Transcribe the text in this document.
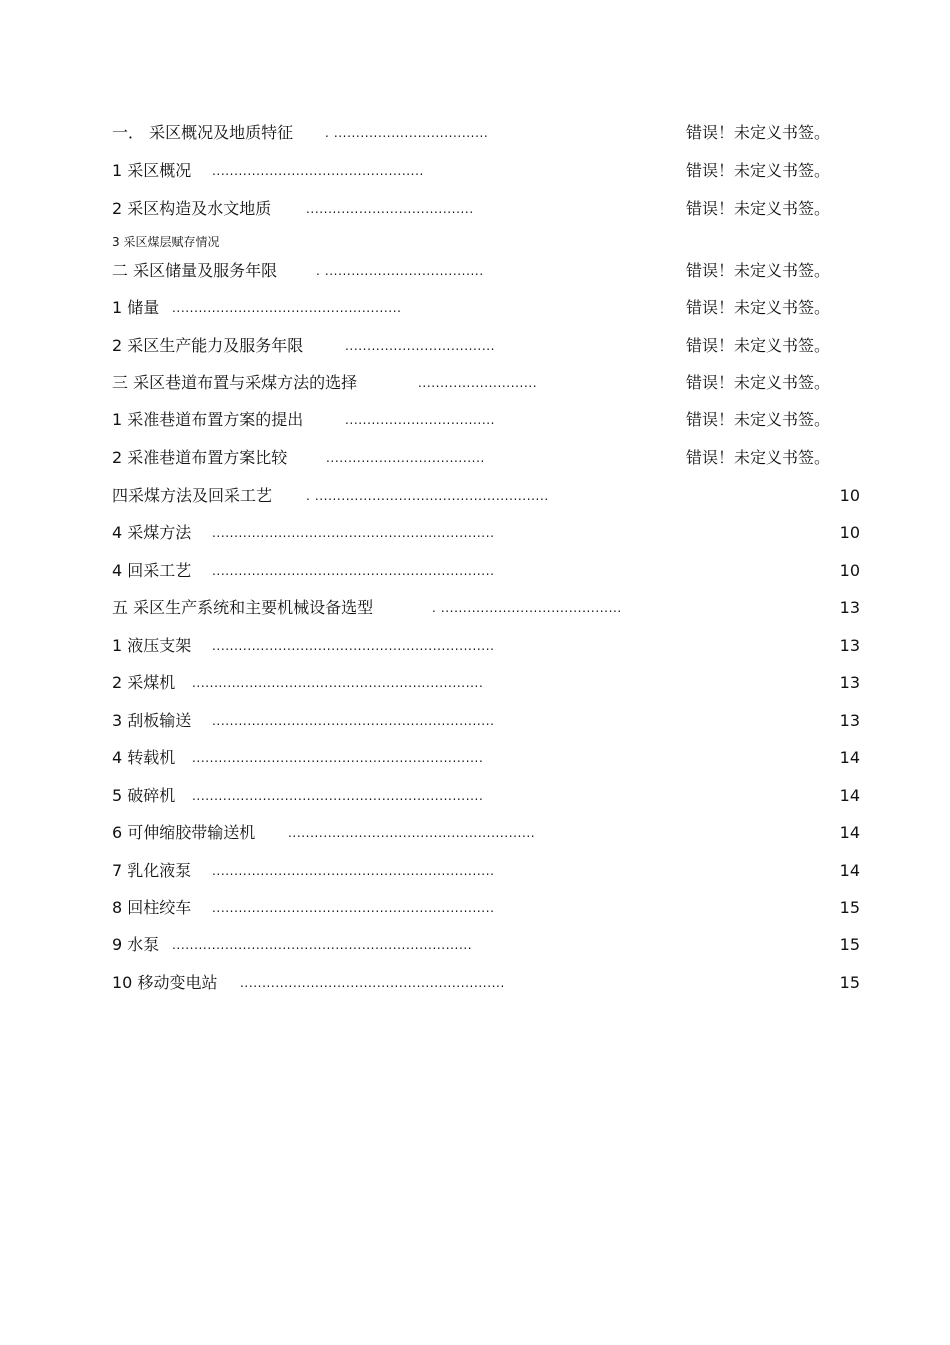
一． 采区概况及地质特征	. ...................................	错误！未定义书签。
1 采区概况 ................................................	错误！未定义书签。
2 采区构造及水文地质	......................................	错误！未定义书签。
3 采区煤层赋存情况
二 采区储量及服务年限	. ....................................	错误！未定义书签。
1 储量 ....................................................	错误！未定义书签。
2 采区生产能力及服务年限	..................................	错误！未定义书签。
三 采区巷道布置与采煤方法的选择	...........................	错误！未定义书签。
1 采准巷道布置方案的提出	..................................	错误！未定义书签。
2 采准巷道布置方案比较	....................................	错误！未定义书签。
四采煤方法及回采工艺	. .....................................................	10
4 采煤方法 ................................................................	10
4 回采工艺 ................................................................	10
五 采区生产系统和主要机械设备选型	. .........................................	13
1 液压支架 ................................................................	13
2 采煤机 ..................................................................	13
3 刮板输送 ................................................................	13
4 转载机 ..................................................................	14
5 破碎机 ..................................................................	14
6 可伸缩胶带输送机	........................................................	14
7 乳化液泵 ................................................................	14
8 回柱绞车 ................................................................	15
9 水泵 ....................................................................	15
10 移动变电站 ............................................................	15
